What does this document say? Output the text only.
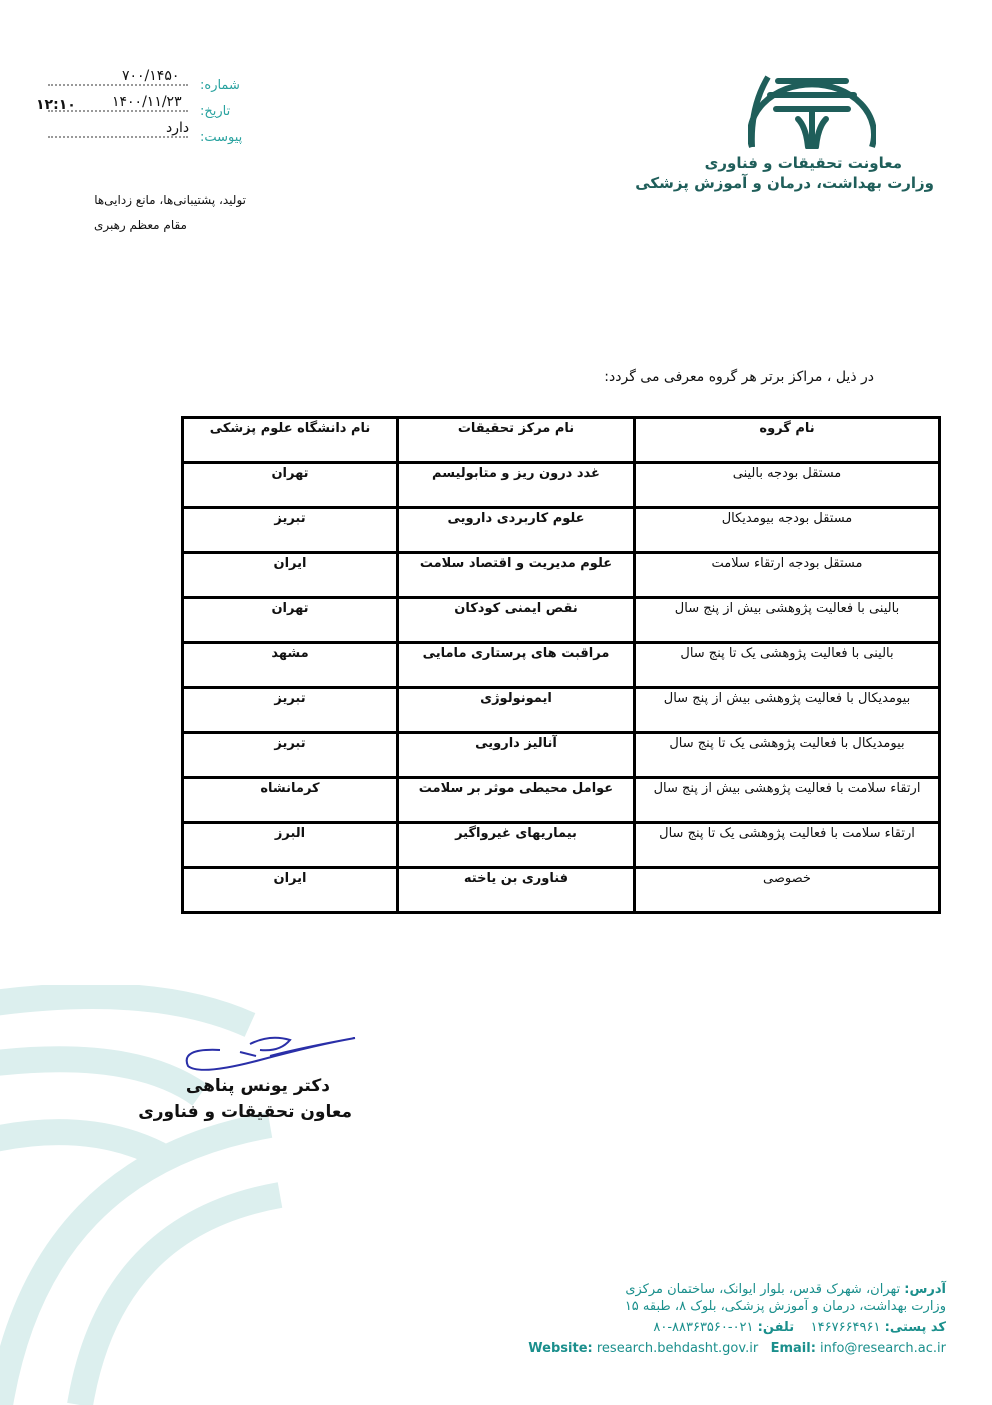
شماره:
۷۰۰/۱۴۵۰
تاریخ:
۱۴۰۰/۱۱/۲۳
۱۲:۱۰
پیوست:
دارد
معاونت تحقیقات و فناوری
وزارت بهداشت، درمان و آموزش پزشکی
تولید، پشتیبانی‌ها، مانع زدایی‌ها
مقام معظم رهبری
در ذیل ، مراکز برتر هر گروه معرفی می گردد:
نام گروه	نام مرکز تحقیقات	نام دانشگاه علوم پزشکی
مستقل بودجه بالینی	غدد درون ریز و متابولیسم	تهران
مستقل بودجه بیومدیکال	علوم کاربردی دارویی	تبریز
مستقل بودجه ارتقاء سلامت	علوم مدیریت و اقتصاد سلامت	ایران
بالینی با فعالیت پژوهشی بیش از پنج سال	نقص ایمنی کودکان	تهران
بالینی با فعالیت پژوهشی یک تا پنج سال	مراقبت های پرستاری مامایی	مشهد
بیومدیکال با فعالیت پژوهشی بیش از پنج سال	ایمونولوژی	تبریز
بیومدیکال با فعالیت پژوهشی یک تا پنج سال	آنالیز دارویی	تبریز
ارتقاء سلامت با فعالیت پژوهشی بیش از پنج سال	عوامل محیطی موثر بر سلامت	کرمانشاه
ارتقاء سلامت با فعالیت پژوهشی یک تا پنج سال	بیماریهای غیرواگیر	البرز
خصوصی	فناوری بن یاخته	ایران
دکتر یونس پناهی
معاون تحقیقات و فناوری
آدرس: تهران، شهرک قدس، بلوار ایوانک، ساختمان مرکزی
وزارت بهداشت، درمان و آموزش پزشکی، بلوک ۸، طبقه ۱۵
کد پستی: ۱۴۶۷۶۶۴۹۶۱    تلفن: ۰۲۱-۸۸۳۶۳۵۶۰-۸۰
Website: research.behdasht.gov.ir Email: info@research.ac.ir
